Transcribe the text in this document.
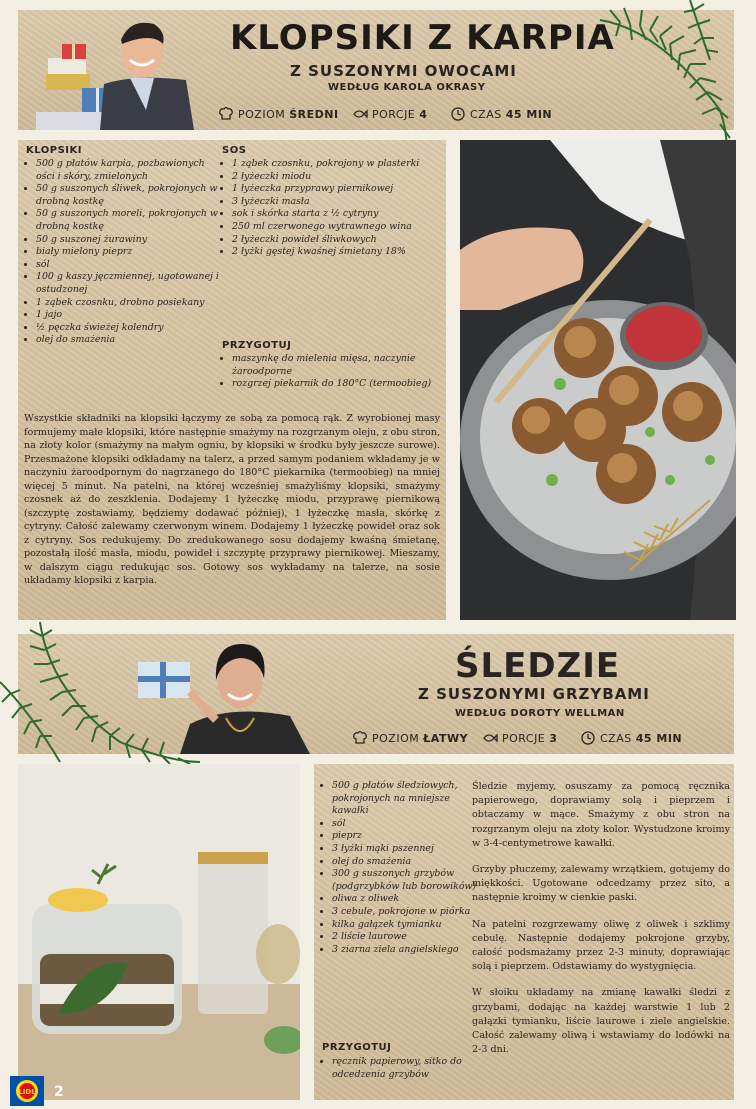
KLOPSIKI Z KARPIA
Z SUSZONYMI OWOCAMI
WEDŁUG KAROLA OKRASY
POZIOM ŚREDNI	PORCJE 4	CZAS 45 MIN
KLOPSIKI
• 500 g płatów karpia, pozbawionych ości i skóry, zmielonych
• 50 g suszonych śliwek, pokrojonych w drobną kostkę
• 50 g suszonych moreli, pokrojonych w drobną kostkę
• 50 g suszonej żurawiny
• biały mielony pieprz
• sól
• 100 g kaszy jęczmiennej, ugotowanej i ostudzonej
• 1 ząbek czosnku, drobno posiekany
• 1 jajo
• ½ pęczka świeżej kolendry
• olej do smażenia
SOS
• 1 ząbek czosnku, pokrojony w plasterki
• 2 łyżeczki miodu
• 1 łyżeczka przyprawy piernikowej
• 3 łyżeczki masła
• sok i skórka starta z ½ cytryny
• 250 ml czerwonego wytrawnego wina
• 2 łyżeczki powideł śliwkowych
• 2 łyżki gęstej kwaśnej śmietany 18%
PRZYGOTUJ
• maszynkę do mielenia mięsa, naczynie żaroodporne
• rozgrzej piekarnik do 180°C (termoobieg)
Wszystkie składniki na klopsiki łączymy ze sobą za pomocą rąk. Z wyrobionej masy formujemy małe klopsiki, które następnie smażymy na rozgrzanym oleju, z obu stron, na złoty kolor (smażymy na małym ogniu, by klopsiki w środku były jeszcze surowe). Przesmażone klopsiki odkładamy na talerz, a przed samym podaniem wkładamy je w naczyniu żaroodpornym do nagrzanego do 180°C piekarnika (termoobieg) na mniej więcej 5 minut. Na patelni, na której wcześniej smażyliśmy klopsiki, smażymy czosnek aż do zeszklenia. Dodajemy 1 łyżeczkę miodu, przyprawę piernikową (szczyptę zostawiamy, będziemy dodawać później), 1 łyżeczkę masła, skórkę z cytryny. Całość zalewamy czerwonym winem. Dodajemy 1 łyżeczkę powideł oraz sok z cytryny. Sos redukujemy. Do zredukowanego sosu dodajemy kwaśną śmietanę, pozostałą ilość masła, miodu, powideł i szczyptę przyprawy piernikowej. Mieszamy, w dalszym ciągu redukując sos. Gotowy sos wykładamy na talerze, na sosie układamy klopsiki z karpia.
ŚLEDZIE
Z SUSZONYMI GRZYBAMI
WEDŁUG DOROTY WELLMAN
POZIOM ŁATWY	PORCJE 3	CZAS 45 MIN
• 500 g płatów śledziowych, pokrojonych na mniejsze kawałki
• sól
• pieprz
• 3 łyżki mąki pszennej
• olej do smażenia
• 300 g suszonych grzybów (podgrzybków lub borowików)
• oliwa z oliwek
• 3 cebule, pokrojone w piórka
• kilka gałązek tymianku
• 2 liście laurowe
• 3 ziarna ziela angielskiego
PRZYGOTUJ
• ręcznik papierowy, sitko do odcedzenia grzybów

Śledzie myjemy, osuszamy za pomocą ręcznika papierowego, doprawiamy solą i pieprzem i obtaczamy w mące. Smażymy z obu stron na rozgrzanym oleju na złoty kolor. Wystudzone kroimy w 3-4-centymetrowe kawałki.

Grzyby płuczemy, zalewamy wrzątkiem, gotujemy do miękkości. Ugotowane odcedzamy przez sito, a następnie kroimy w cienkie paski.

Na patelni rozgrzewamy oliwę z oliwek i szklimy cebulę. Następnie dodajemy pokrojone grzyby, całość podsmażamy przez 2-3 minuty, doprawiając solą i pieprzem. Odstawiamy do wystygnięcia.

W słoiku układamy na zmianę kawałki śledzi z grzybami, dodając na każdej warstwie 1 lub 2 gałązki tymianku, liście laurowe i ziele angielskie. Całość zalewamy oliwą i wstawiamy do lodówki na 2-3 dni.

LIDL 2
